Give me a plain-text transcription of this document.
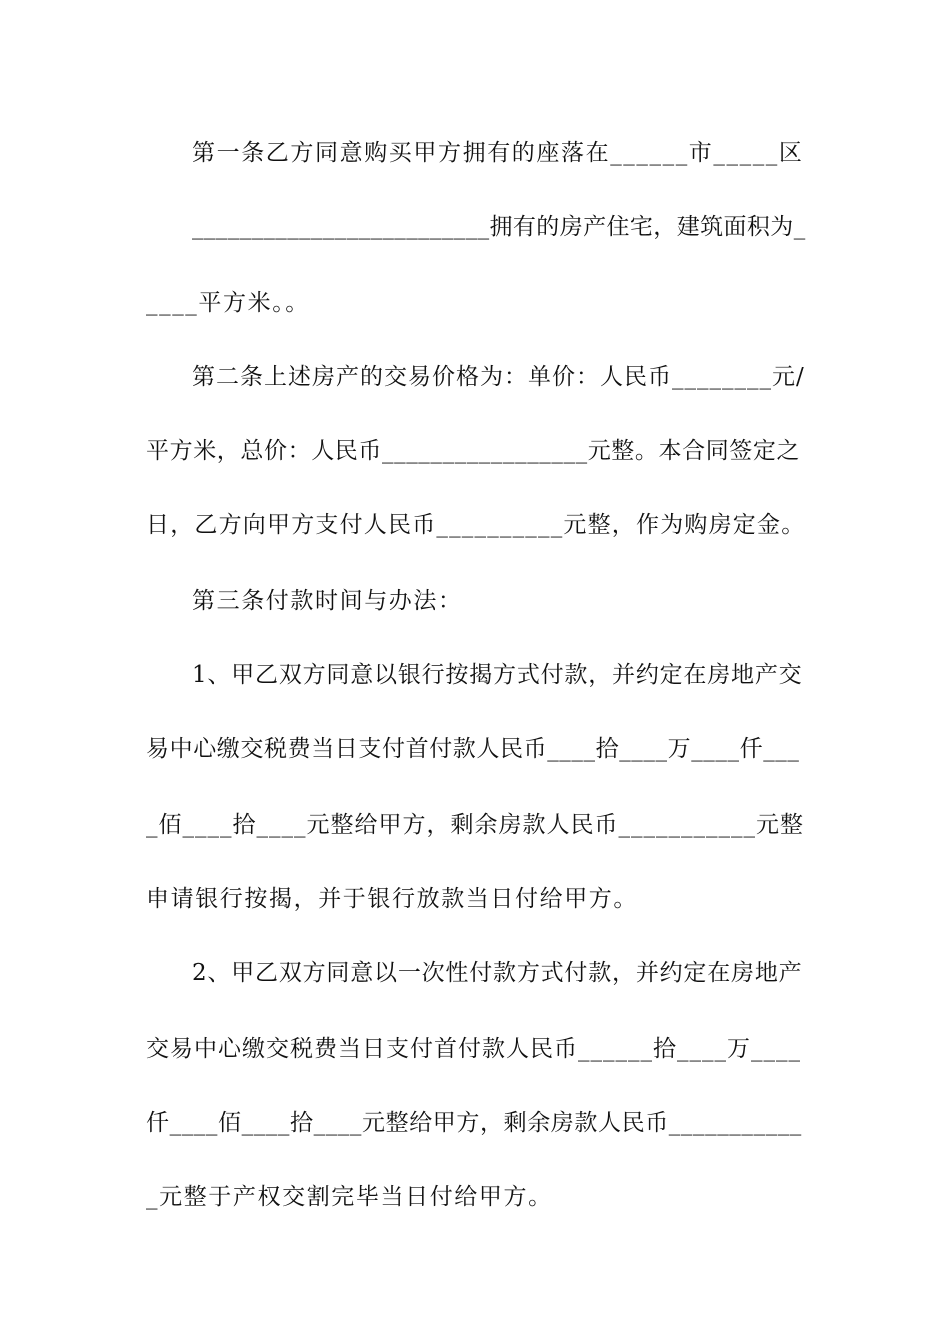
第一条乙方同意购买甲方拥有的座落在______市_____区

_________________________拥有的房产住宅，建筑面积为_

____平方米。。

第二条上述房产的交易价格为：单价：人民币________元/

平方米，总价：人民币_________________元整。本合同签定之

日，乙方向甲方支付人民币__________元整，作为购房定金。

第三条付款时间与办法：

1、甲乙双方同意以银行按揭方式付款，并约定在房地产交

易中心缴交税费当日支付首付款人民币____拾____万____仟___

_佰____拾____元整给甲方，剩余房款人民币___________元整

申请银行按揭，并于银行放款当日付给甲方。

2、甲乙双方同意以一次性付款方式付款，并约定在房地产

交易中心缴交税费当日支付首付款人民币______拾____万____

仟____佰____拾____元整给甲方，剩余房款人民币___________

_元整于产权交割完毕当日付给甲方。
